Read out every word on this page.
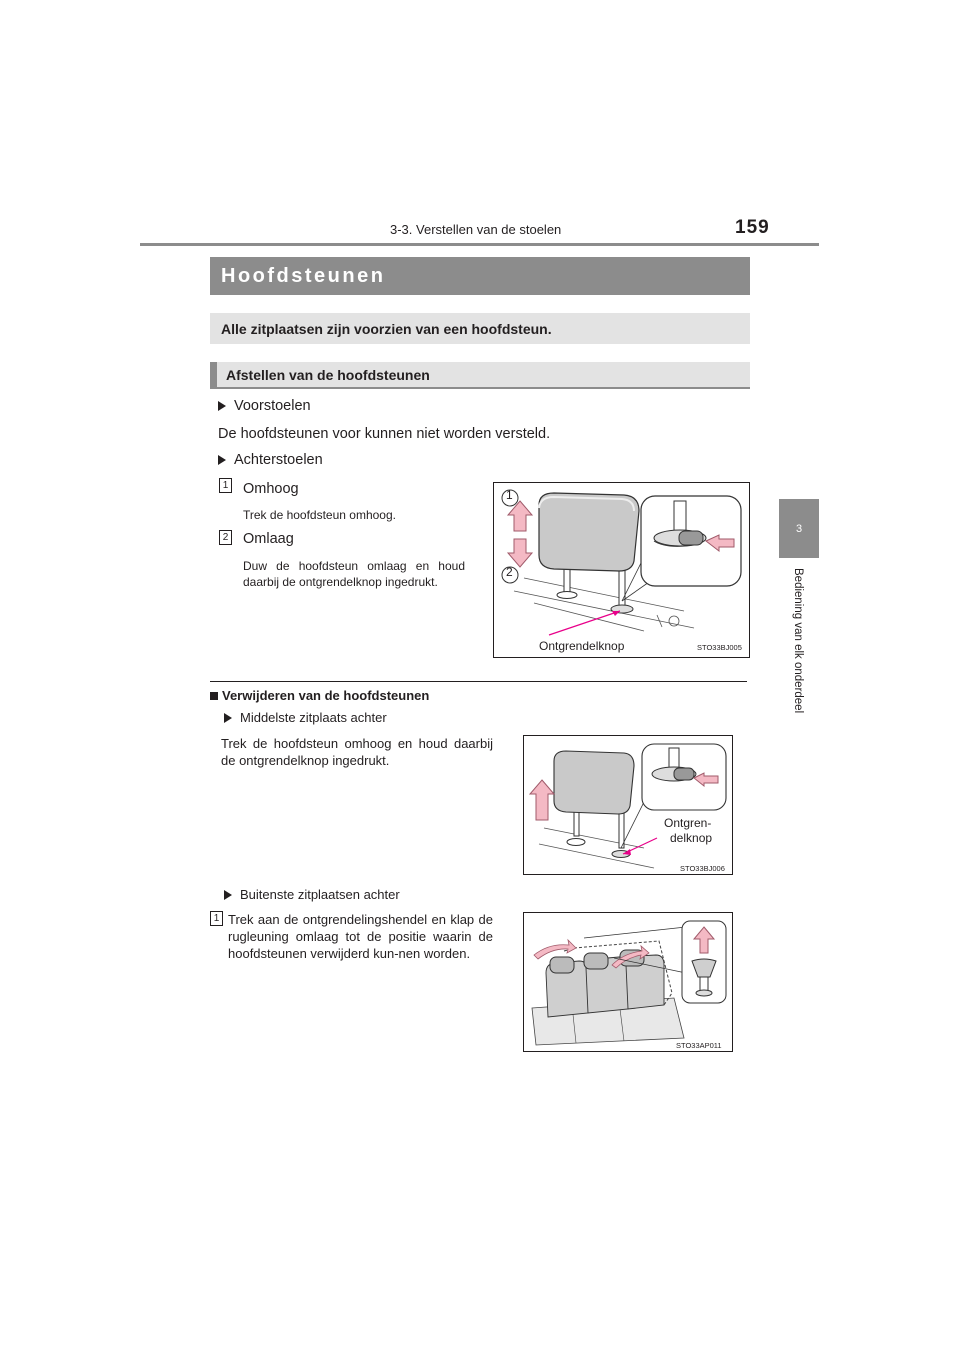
3-3. Verstellen van de stoelen	159
3
Bediening van elk onderdeel
Hoofdsteunen
Alle zitplaatsen zijn voorzien van een hoofdsteun.
Afstellen van de hoofdsteunen
Voorstoelen
De hoofdsteunen voor kunnen niet worden versteld.
Achterstoelen
1 Omhoog
Trek de hoofdsteun omhoog.
2 Omlaag
Duw de hoofdsteun omlaag en houd daarbij de ontgrendelknop ingedrukt.
1
2
Ontgrendelknop	STO33BJ005
Verwijderen van de hoofdsteunen
Middelste zitplaats achter
Trek de hoofdsteun omhoog en houd daarbij de ontgrendelknop ingedrukt.
Ontgren-
delknop
STO33BJ006
Buitenste zitplaatsen achter
1 Trek aan de ontgrendelingshendel en klap de rugleuning omlaag tot de positie waarin de hoofdsteunen verwijderd kun-nen worden.
STO33AP011
